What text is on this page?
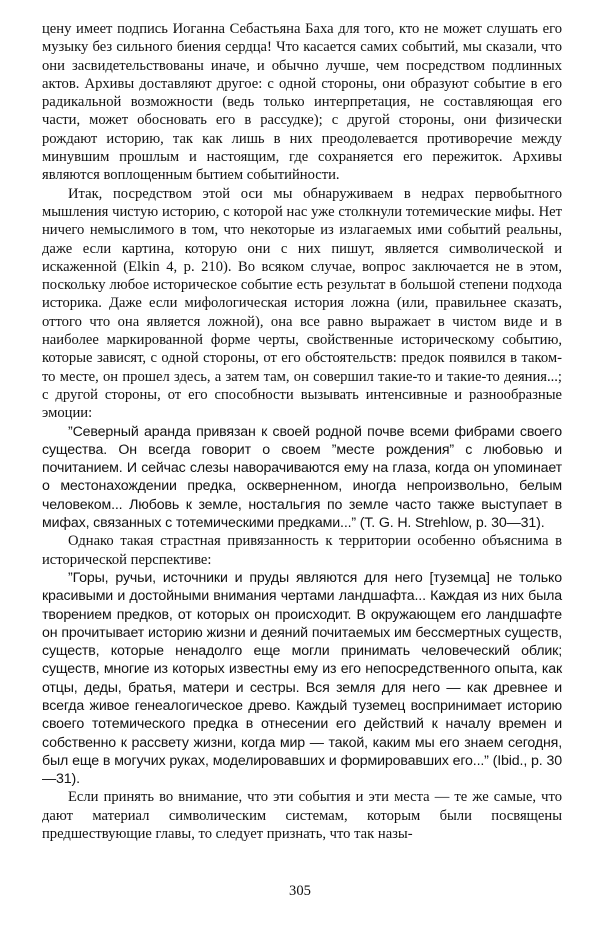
цену имеет подпись Иоганна Себастьяна Баха для того, кто не может слушать его музыку без сильного биения сердца! Что касается самих событий, мы сказали, что они засвидетельствованы иначе, и обычно лучше, чем посредством подлинных актов. Архивы доставляют другое: с одной стороны, они образуют событие в его радикальной возможности (ведь только интерпретация, не составляющая его части, может обосновать его в рассудке); с другой стороны, они физически рождают историю, так как лишь в них преодолевается противоречие между минувшим прошлым и настоящим, где сохраняется его пережиток. Архивы являются воплощенным бытием событийности.

Итак, посредством этой оси мы обнаруживаем в недрах первобытного мышления чистую историю, с которой нас уже столкнули тотемические мифы. Нет ничего немыслимого в том, что некоторые из излагаемых ими событий реальны, даже если картина, которую они с них пишут, является символической и искаженной (Elkin 4, p. 210). Во всяком случае, вопрос заключается не в этом, поскольку любое историческое событие есть результат в большой степени подхода историка. Даже если мифологическая история ложна (или, правильнее сказать, оттого что она является ложной), она все равно выражает в чистом виде и в наиболее маркированной форме черты, свойственные историческому событию, которые зависят, с одной стороны, от его обстоятельств: предок появился в таком-то месте, он прошел здесь, а затем там, он совершил такие-то и такие-то деяния...; с другой стороны, от его способности вызывать интенсивные и разнообразные эмоции:

”Северный аранда привязан к своей родной почве всеми фибрами своего существа. Он всегда говорит о своем ”месте рождения” с любовью и почитанием. И сейчас слезы наворачиваются ему на глаза, когда он упоминает о местонахождении предка, оскверненном, иногда непроизвольно, белым человеком... Любовь к земле, ностальгия по земле часто также выступает в мифах, связанных с тотемическими предками...” (T. G. H. Strehlow, p. 30—31).

Однако такая страстная привязанность к территории особенно объяснима в исторической перспективе:

”Горы, ручьи, источники и пруды являются для него [туземца] не только красивыми и достойными внимания чертами ландшафта... Каждая из них была творением предков, от которых он происходит. В окружающем его ландшафте он прочитывает историю жизни и деяний почитаемых им бессмертных существ, существ, которые ненадолго еще могли принимать человеческий облик; существ, многие из которых известны ему из его непосредственного опыта, как отцы, деды, братья, матери и сестры. Вся земля для него — как древнее и всегда живое генеалогическое древо. Каждый туземец воспринимает историю своего тотемического предка в отнесении его действий к началу времен и собственно к рассвету жизни, когда мир — такой, каким мы его знаем сегодня, был еще в могучих руках, моделировавших и формировавших его...” (Ibid., p. 30—31).

Если принять во внимание, что эти события и эти места — те же самые, что дают материал символическим системам, которым были посвящены предшествующие главы, то следует признать, что так назы-

305
